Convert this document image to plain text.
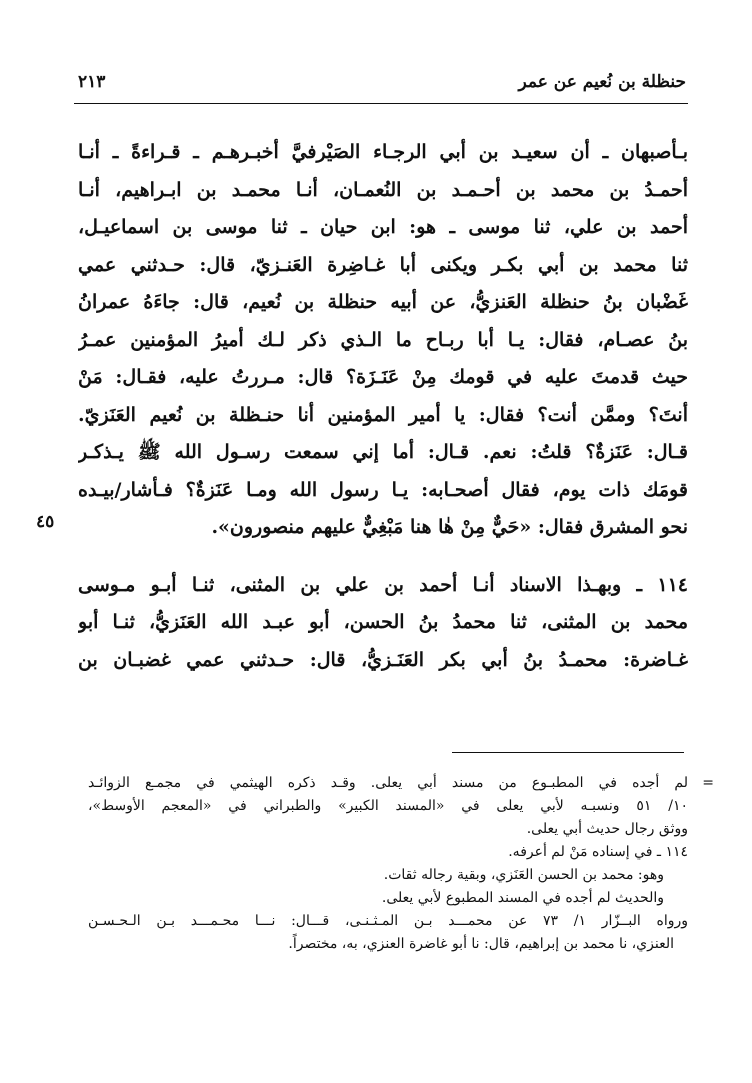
حنظلة بن نُعيم عن عمر
٢١٣
بـأصبهان ـ أن سعيـد بن أبي الرجـاء الصَيْرفيَّ أخبـرهـم ـ قـراءةً ـ أنـا
أحمـدُ بن محمد بن أحـمـد بن النُعمـان، أنـا محمـد بن ابـراهيم، أنـا
أحمد بن علي، ثنا موسى ـ هو: ابن حيان ـ ثنا موسى بن اسماعيـل،
ثنا محمد بن أبي بكـر ويكنى أبا غـاضِرة العَنـزيّ، قال: حـدثني عمي
غَضْبان بنُ حنظلة العَنزيُّ، عن أبيه حنظلة بن نُعيم، قال: جاءَهُ عمرانُ
بنُ عصـام، فقال: يـا أبا ربـاح ما الـذي ذكر لـك أميرُ المؤمنين عمـرُ
حيث قدمتَ عليه في قومك مِنْ عَنَـزَة؟ قال: مـررتُ عليه، فقـال: مَنْ
أنتَ؟ وممَّن أنت؟ فقال: يا أمير المؤمنين أنا حنـظلة بن نُعيم العَنَزيّ.
قـال: عَنَزةٌ؟ قلتُ: نعم. قـال: أما إني سمعت رسـول الله ﷺ يـذكـر
قومَك ذات يوم، فقال أصحـابه: يـا رسول الله ومـا عَنَزةٌ؟ فـأشار/بيـده
نحو المشرق فقال: «حَيٌّ مِنْ هٰا هنا مَبْغِيٌّ عليهم منصورون».
١١٤ ـ وبهـذا الاسناد أنـا أحمد بن علي بن المثنى، ثنـا أبـو مـوسى
محمد بن المثنى، ثنا محمدُ بنُ الحسن، أبو عبـد الله العَنَزيُّ، ثنـا أبو
غـاضرة: محمـدُ بنُ أبي بكر العَنَـزيُّ، قال: حـدثني عمي غضبـان بن
٤٥
=
لم أجده في المطبـوع من مسند أبي يعلى. وقـد ذكره الهيثمي في مجمـع الزوائـد
١٠/ ٥١ ونسبـه لأبي يعلى في «المسند الكبير» والطبراني في «المعجم الأوسط»،
ووثق رجال حديث أبي يعلى.
١١٤ ـ في إسناده مَنْ لم أعرفه.
وهو: محمد بن الحسن العَنَزي، وبقية رجاله ثقات.
والحديث لم أجده في المسند المطبوع لأبي يعلى.
ورواه البــزّار ١/ ٧٣ عن محمـــد بـن المـثـنـى، قـــال: نـــا محـمـــد بـن الـحـسـن
العنزي، نا محمد بن إبراهيم، قال: نا أبو غاضرة العنزي، به، مختصراً.
